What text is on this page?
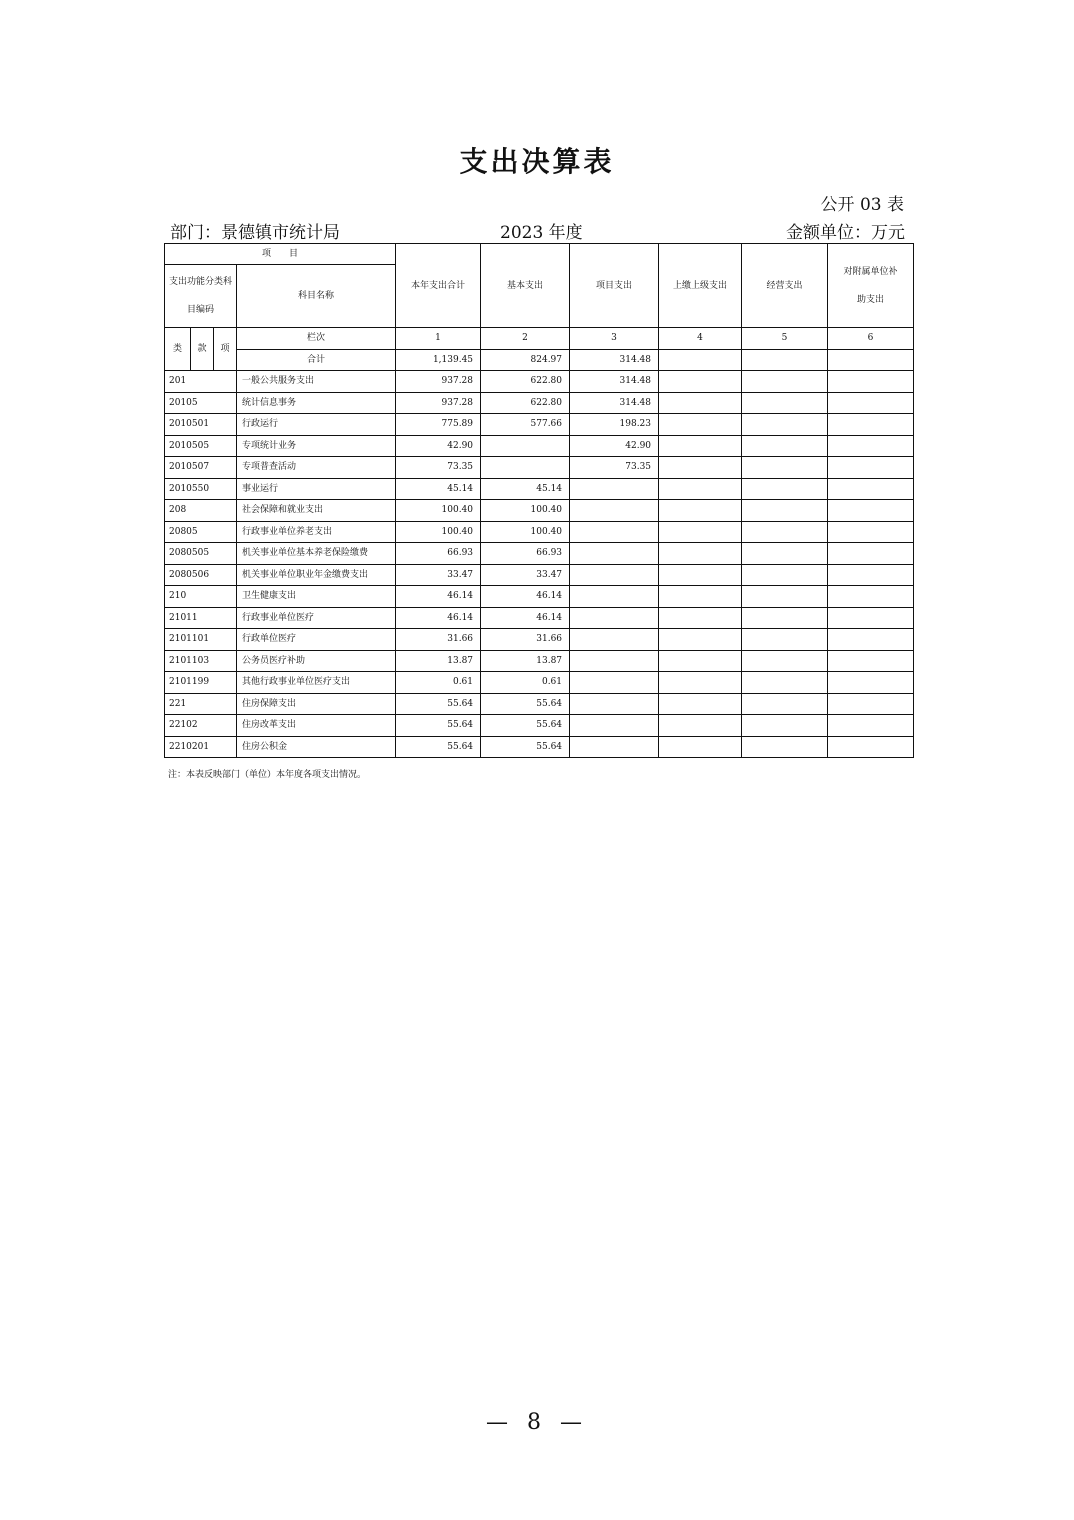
支出决算表
公开 03 表
部门：景德镇市统计局	2023 年度	金额单位：万元
项　　目				本年支出合计	基本支出	项目支出	上缴上级支出	经营支出	对附属单位补助支出
支出功能分类科目编码			科目名称						

类	款	项	栏次	1	2	3	4	5	6
			合计	1,139.45	824.97	314.48			
201			一般公共服务支出	937.28	622.80	314.48			
20105			统计信息事务	937.28	622.80	314.48			
2010501			行政运行	775.89	577.66	198.23			
2010505			专项统计业务	42.90		42.90			
2010507			专项普查活动	73.35		73.35			
2010550			事业运行	45.14	45.14				
208			社会保障和就业支出	100.40	100.40				
20805			行政事业单位养老支出	100.40	100.40				
2080505			机关事业单位基本养老保险缴费	66.93	66.93				
2080506			机关事业单位职业年金缴费支出	33.47	33.47				
210			卫生健康支出	46.14	46.14				
21011			行政事业单位医疗	46.14	46.14				
2101101			行政单位医疗	31.66	31.66				
2101103			公务员医疗补助	13.87	13.87				
2101199			其他行政事业单位医疗支出	0.61	0.61				
221			住房保障支出	55.64	55.64				
22102			住房改革支出	55.64	55.64				
2210201			住房公积金	55.64	55.64				
注：本表反映部门（单位）本年度各项支出情况。
— 8 —
